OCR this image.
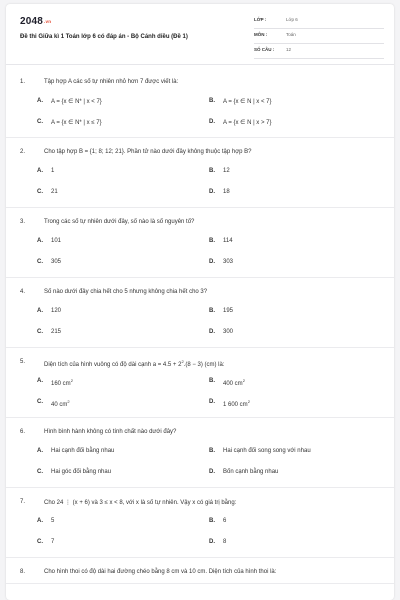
2048.vn
Đề thi Giữa kì 1 Toán lớp 6 có đáp án - Bộ Cánh diều (Đề 1)
LỚP :	Lớp 6
MÔN :	Toán
SỐ CÂU :	12
1.	Tập hợp A các số tự nhiên nhỏ hơn 7 được viết là:
A. A = {x ∈ N* | x < 7}	B. A = {x ∈ N | x < 7}
C. A = {x ∈ N* | x ≤ 7}	D. A = {x ∈ N | x > 7}
2.	Cho tập hợp B = {1; 8; 12; 21}. Phần tử nào dưới đây không thuộc tập hợp B?
A. 1	B. 12
C. 21	D. 18
3.	Trong các số tự nhiên dưới đây, số nào là số nguyên tố?
A. 101	B. 114
C. 305	D. 303
4.	Số nào dưới đây chia hết cho 5 nhưng không chia hết cho 3?
A. 120	B. 195
C. 215	D. 300
5.	Diện tích của hình vuông có độ dài cạnh $a = 4.5 + 2^2.(8 - 3)$ (cm) là:
A. 160 $cm^2$	B. 400 $cm^2$
C. 40 $cm^2$	D. 1 600 $cm^2$
6.	Hình bình hành không có tính chất nào dưới đây?
A. Hai cạnh đối bằng nhau	B. Hai cạnh đối song song với nhau
C. Hai góc đối bằng nhau	D. Bốn cạnh bằng nhau
7.	Cho 24 ⋮ (x + 6) và 3 ≤ x < 8, với x là số tự nhiên. Vậy x có giá trị bằng:
A. 5	B. 6
C. 7	D. 8
8.	Cho hình thoi có độ dài hai đường chéo bằng 8 cm và 10 cm. Diện tích của hình thoi là:
